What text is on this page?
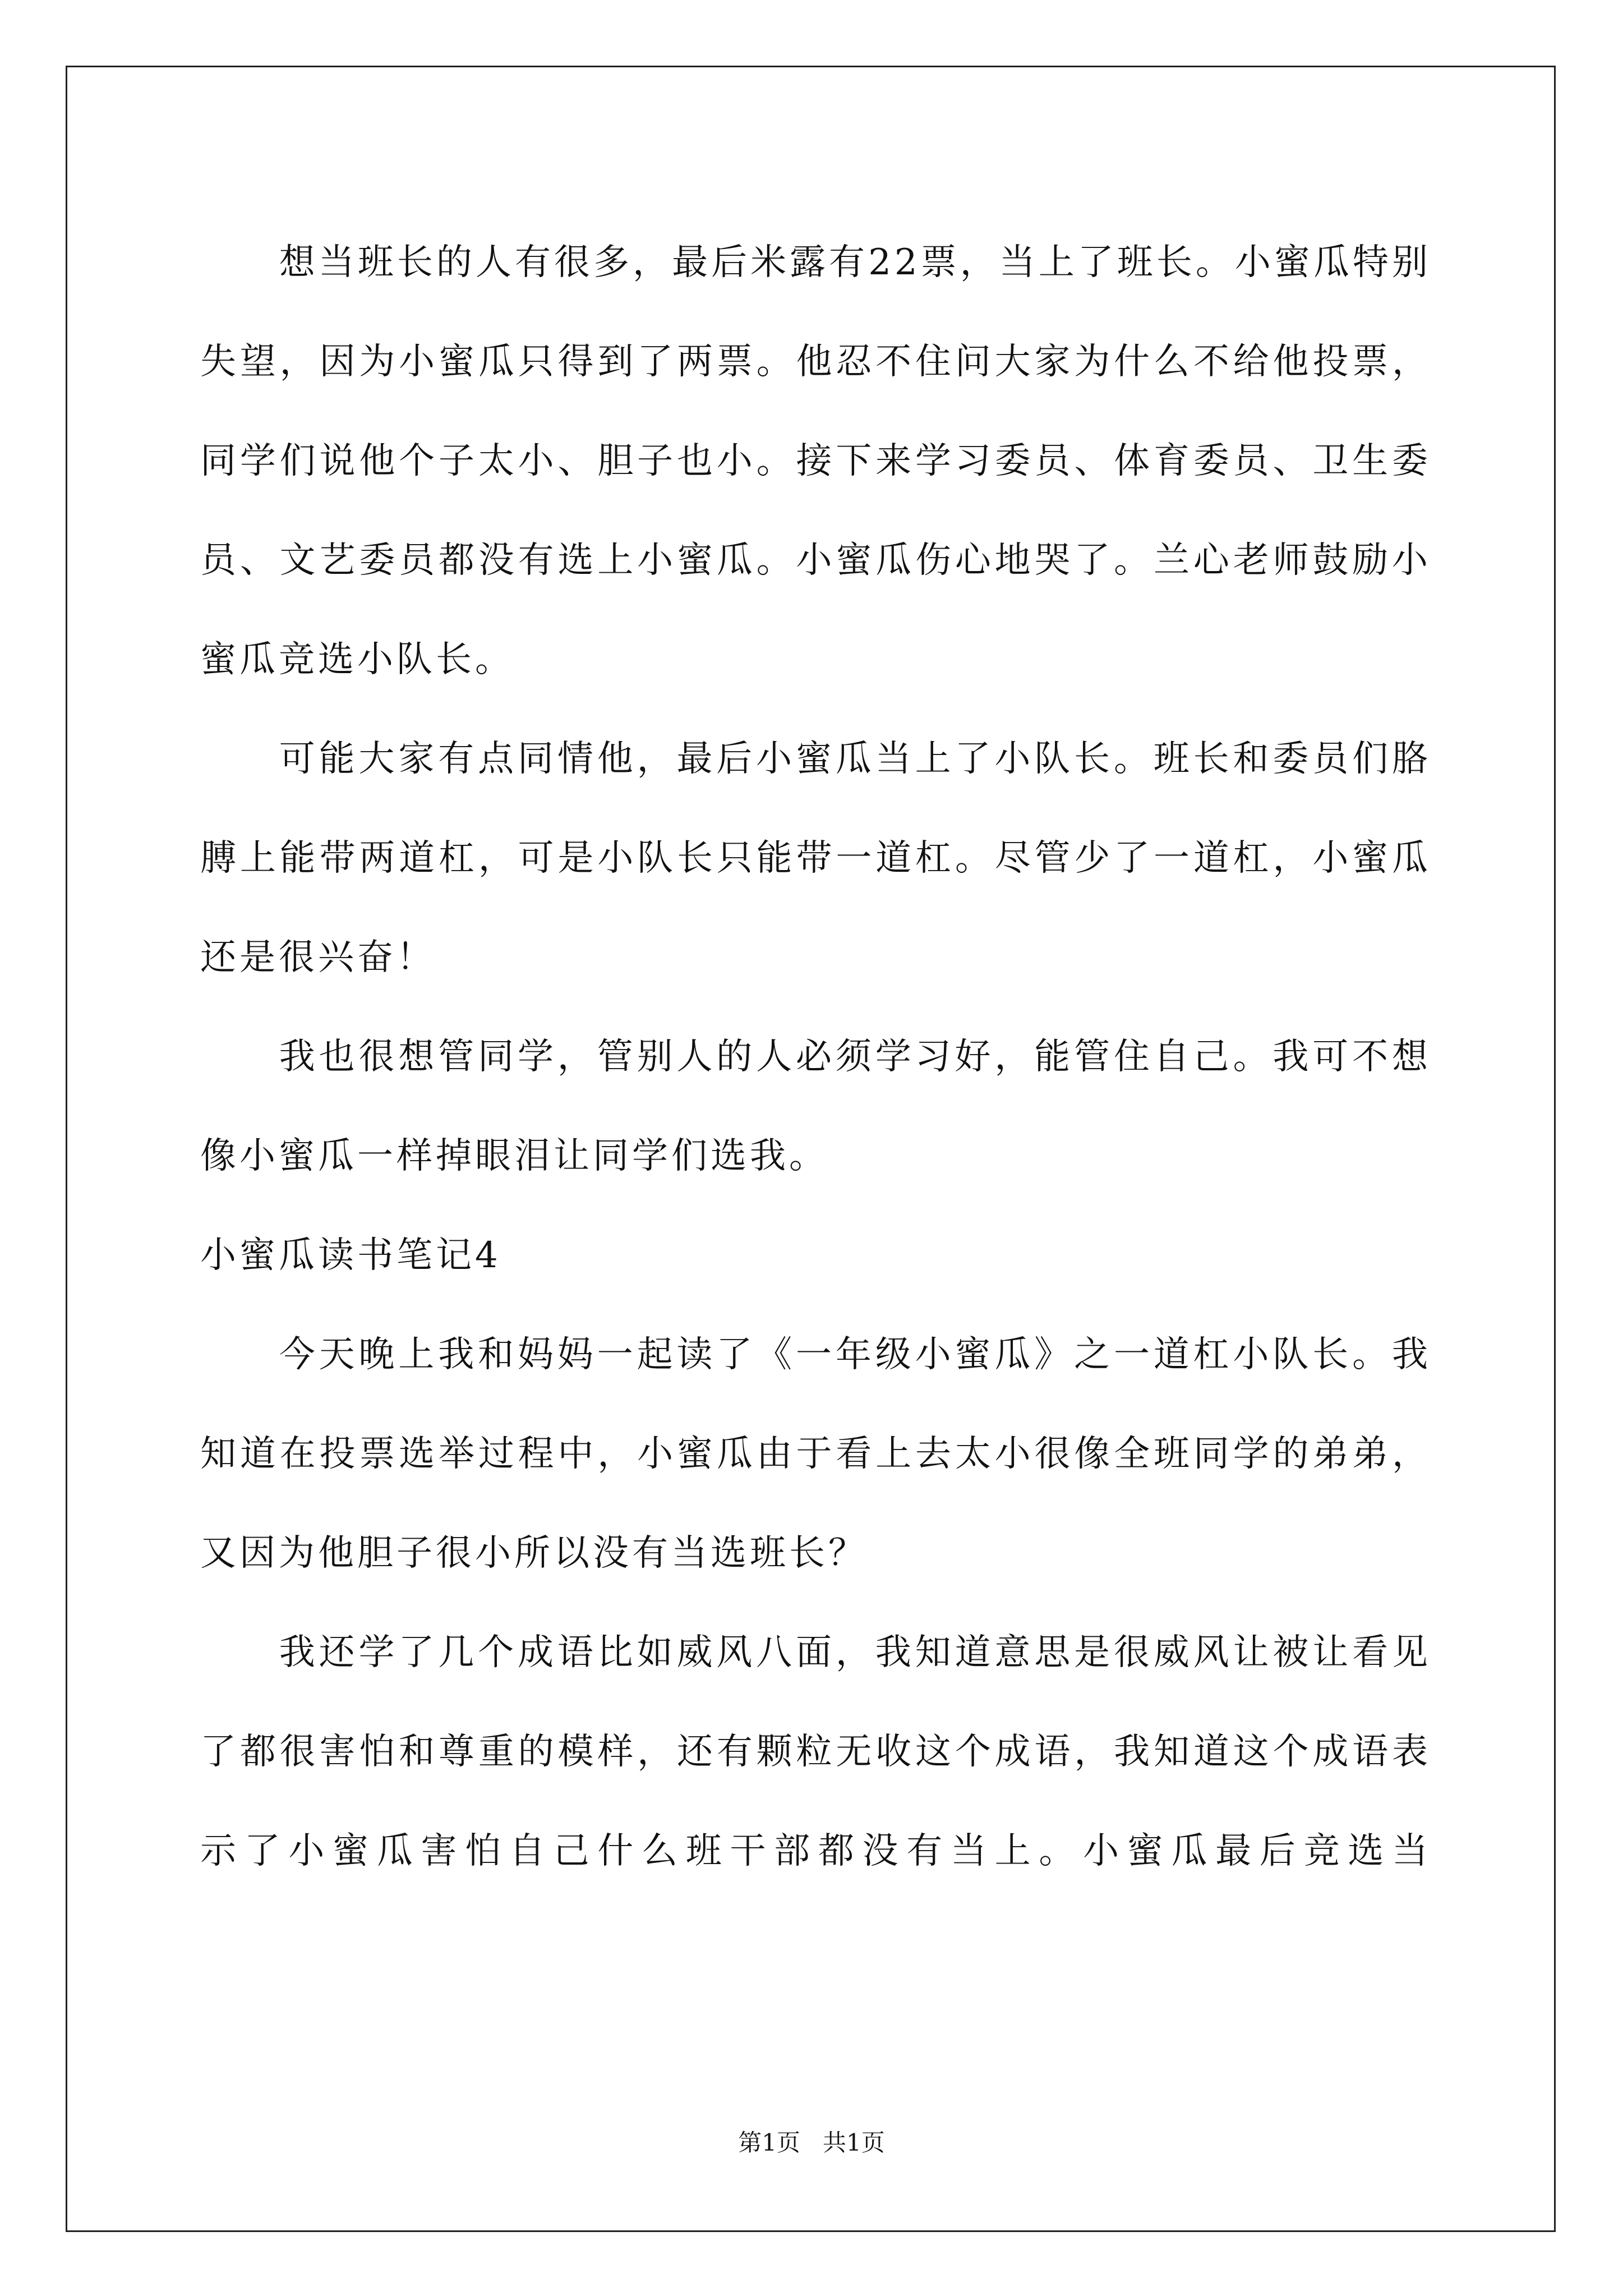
想当班长的人有很多，最后米露有22票，当上了班长。小蜜瓜特别失望，因为小蜜瓜只得到了两票。他忍不住问大家为什么不给他投票，同学们说他个子太小、胆子也小。接下来学习委员、体育委员、卫生委员、文艺委员都没有选上小蜜瓜。小蜜瓜伤心地哭了。兰心老师鼓励小蜜瓜竞选小队长。

可能大家有点同情他，最后小蜜瓜当上了小队长。班长和委员们胳膊上能带两道杠，可是小队长只能带一道杠。尽管少了一道杠，小蜜瓜还是很兴奋！

我也很想管同学，管别人的人必须学习好，能管住自己。我可不想像小蜜瓜一样掉眼泪让同学们选我。

小蜜瓜读书笔记4

今天晚上我和妈妈一起读了《一年级小蜜瓜》之一道杠小队长。我知道在投票选举过程中，小蜜瓜由于看上去太小很像全班同学的弟弟，又因为他胆子很小所以没有当选班长？

我还学了几个成语比如威风八面，我知道意思是很威风让被让看见了都很害怕和尊重的模样，还有颗粒无收这个成语，我知道这个成语表示了小蜜瓜害怕自己什么班干部都没有当上。小蜜瓜最后竞选当

第1页 共1页
